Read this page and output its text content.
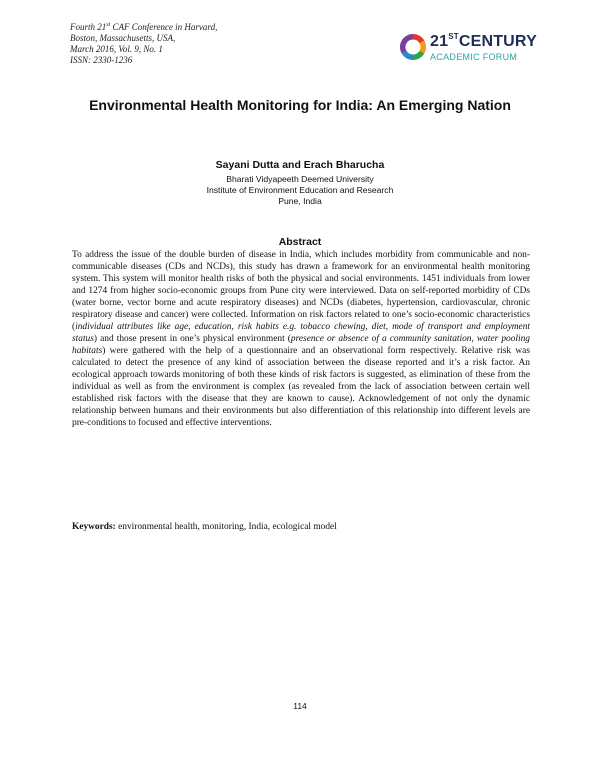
Fourth 21st CAF Conference in Harvard,
Boston, Massachusetts, USA,
March 2016, Vol. 9, No. 1
ISSN: 2330-1236
21STCENTURY
ACADEMIC FORUM
Environmental Health Monitoring for India: An Emerging Nation
Sayani Dutta and Erach Bharucha
Bharati Vidyapeeth Deemed University
Institute of Environment Education and Research
Pune, India
Abstract

To address the issue of the double burden of disease in India, which includes morbidity from communicable and non-communicable diseases (CDs and NCDs), this study has drawn a framework for an environmental health monitoring system. This system will monitor health risks of both the physical and social environments. 1451 individuals from lower and 1274 from higher socio-economic groups from Pune city were interviewed. Data on self-reported morbidity of CDs (water borne, vector borne and acute respiratory diseases) and NCDs (diabetes, hypertension, cardiovascular, chronic respiratory disease and cancer) were collected. Information on risk factors related to one’s socio-economic characteristics (individual attributes like age, education, risk habits e.g. tobacco chewing, diet, mode of transport and employment status) and those present in one’s physical environment (presence or absence of a community sanitation, water pooling habitats) were gathered with the help of a questionnaire and an observational form respectively. Relative risk was calculated to detect the presence of any kind of association between the disease reported and it’s a risk factor. An ecological approach towards monitoring of both these kinds of risk factors is suggested, as elimination of these from the individual as well as from the environment is complex (as revealed from the lack of association between certain well established risk factors with the disease that they are known to cause). Acknowledgement of not only the dynamic relationship between humans and their environments but also differentiation of this relationship into different levels are pre-conditions to focused and effective interventions.

Keywords: environmental health, monitoring, India, ecological model
114
